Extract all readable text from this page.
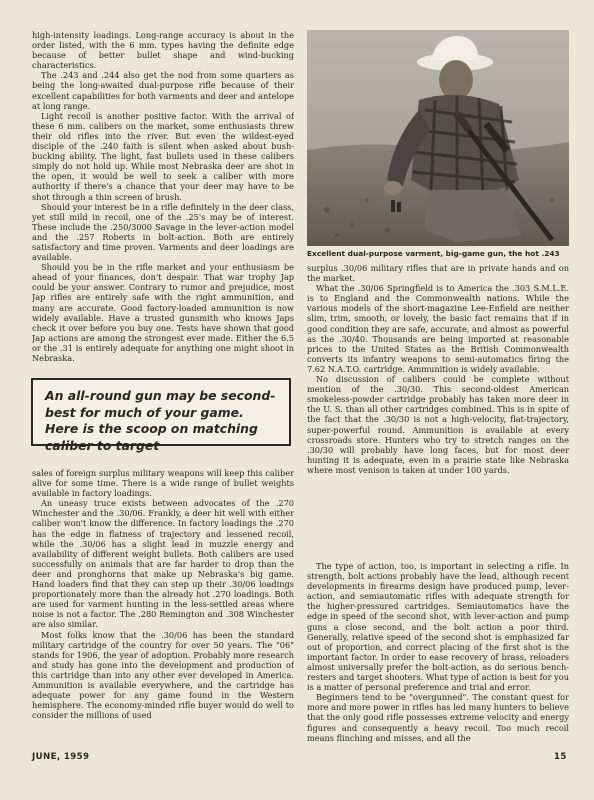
high-intensity loadings. Long-range accuracy is about in the order listed, with the 6 mm. types having the definite edge because of better bullet shape and wind-bucking characteristics.

The .243 and .244 also get the nod from some quarters as being the long-awaited dual-purpose rifle because of their excellent capabilities for both varments and deer and antelope at long range.

Light recoil is another positive factor. With the arrival of these 6 mm. calibers on the market, some enthusiasts threw their old rifles into the river. But even the wildest-eyed disciple of the .240 faith is silent when asked about bush-bucking ability. The light, fast bullets used in these calibers simply do not hold up. While most Nebraska deer are shot in the open, it would be well to seek a caliber with more authority if there's a chance that your deer may have to be shot through a thin screen of brush.

Should your interest be in a rifle definitely in the deer class, yet still mild in recoil, one of the .25's may be of interest. These include the .250/3000 Savage in the lever-action model and the .257 Roberts in bolt-action. Both are entirely satisfactory and time proven. Varments and deer loadings are available.

Should you be in the rifle market and your enthusiasm be ahead of your finances, don't despair. That war trophy Jap could be your answer. Contrary to rumor and prejudice, most Jap rifles are entirely safe with the right ammunition, and many are accurate. Good factory-loaded ammunition is now widely available. Have a trusted gunsmith who knows Japs check it over before you buy one. Tests have shown that good Jap actions are among the strongest ever made. Either the 6.5 or the .31 is entirely adequate for anything one might shoot in Nebraska.

An all-round gun may be second-best for much of your game. Here is the scoop on matching caliber to target

sales of foreign surplus military weapons will keep this caliber alive for some time. There is a wide range of bullet weights available in factory loadings.

An uneasy truce exists between advocates of the .270 Winchester and the .30/06. Frankly, a deer hit well with either caliber won't know the difference. In factory loadings the .270 has the edge in flatness of trajectory and lessened recoil, while the .30/06 has a slight lead in muzzle energy and availability of different weight bullets. Both calibers are used successfully on animals that are far harder to drop than the deer and pronghorns that make up Nebraska's big game. Hand loaders find that they can step up their .30/06 loadings proportionately more than the already hot .270 loadings. Both are used for varment hunting in the less-settled areas where noise is not a factor. The .280 Remington and .308 Winchester are also similar.

Most folks know that the .30/06 has been the standard military cartridge of the country for over 50 years. The "06" stands for 1906, the year of adoption. Probably more research and study has gone into the development and production of this cartridge than into any other ever developed in America. Ammunition is available everywhere, and the cartridge has adequate power for any game found in the Western hemisphere. The economy-minded rifle buyer would do well to consider the millions of used

Excellent dual-purpose varment, big-game gun, the hot .243

surplus .30/06 military rifles that are in private hands and on the market.

What the .30/06 Springfield is to America the .303 S.M.L.E. is to England and the Commonwealth nations. While the various models of the short-magazine Lee-Enfield are neither slim, trim, smooth, or lovely, the basic fact remains that if in good condition they are safe, accurate, and almost as powerful as the .30/40. Thousands are being imported at reasonable prices to the United States as the British Commonwealth converts its infantry weapons to semi-automatics firing the 7.62 N.A.T.O. cartridge. Ammunition is widely available.

No discussion of calibers could be complete without mention of the .30/30. This second-oldest American smokeless-powder cartridge probably has taken more deer in the U. S. than all other cartridges combined. This is in spite of the fact that the .30/30 is not a high-velocity, flat-trajectory, super-powerful round. Ammunition is available at every crossroads store. Hunters who try to stretch ranges on the .30/30 will probably have long faces, but for most deer hunting it is adequate, even in a prairie state like Nebraska where most venison is taken at under 100 yards.

The type of action, too, is important in selecting a rifle. In strength, bolt actions probably have the lead, although recent developments in firearms design have produced pump, lever-action, and semiautomatic rifles with adequate strength for the higher-pressured cartridges. Semiautomatics have the edge in speed of the second shot, with lever-action and pump guns a close second, and the bolt action a poor third. Generally, relative speed of the second shot is emphasized far out of proportion, and correct placing of the first shot is the important factor. In order to ease recovery of brass, reloaders almost universally prefer the bolt-action, as do serious bench-resters and target shooters. What type of action is best for you is a matter of personal preference and trial and error.

Beginners tend to be "overgunned". The constant quest for more and more power in rifles has led many hunters to believe that the only good rifle possesses extreme velocity and energy figures and consequently a heavy recoil. Too much recoil means flinching and misses, and all the

JUNE, 1959	15
